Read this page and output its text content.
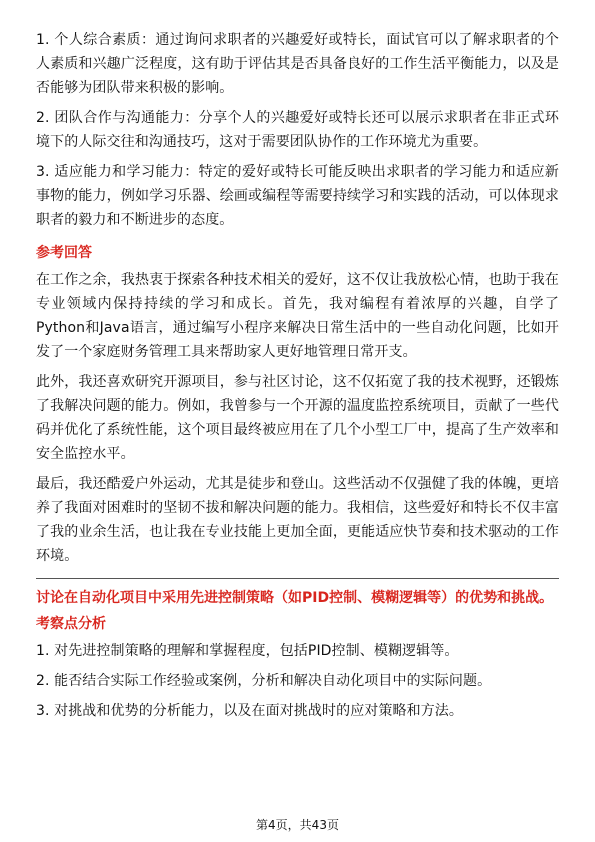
1. 个人综合素质：通过询问求职者的兴趣爱好或特长，面试官可以了解求职者的个人素质和兴趣广泛程度，这有助于评估其是否具备良好的工作生活平衡能力，以及是否能够为团队带来积极的影响。

2. 团队合作与沟通能力：分享个人的兴趣爱好或特长还可以展示求职者在非正式环境下的人际交往和沟通技巧，这对于需要团队协作的工作环境尤为重要。

3. 适应能力和学习能力：特定的爱好或特长可能反映出求职者的学习能力和适应新事物的能力，例如学习乐器、绘画或编程等需要持续学习和实践的活动，可以体现求职者的毅力和不断进步的态度。

参考回答

在工作之余，我热衷于探索各种技术相关的爱好，这不仅让我放松心情，也助于我在专业领域内保持持续的学习和成长。首先，我对编程有着浓厚的兴趣，自学了Python和Java语言，通过编写小程序来解决日常生活中的一些自动化问题，比如开发了一个家庭财务管理工具来帮助家人更好地管理日常开支。

此外，我还喜欢研究开源项目，参与社区讨论，这不仅拓宽了我的技术视野，还锻炼了我解决问题的能力。例如，我曾参与一个开源的温度监控系统项目，贡献了一些代码并优化了系统性能，这个项目最终被应用在了几个小型工厂中，提高了生产效率和安全监控水平。

最后，我还酷爱户外运动，尤其是徒步和登山。这些活动不仅强健了我的体魄，更培养了我面对困难时的坚韧不拔和解决问题的能力。我相信，这些爱好和特长不仅丰富了我的业余生活，也让我在专业技能上更加全面，更能适应快节奏和技术驱动的工作环境。

讨论在自动化项目中采用先进控制策略（如PID控制、模糊逻辑等）的优势和挑战。
考察点分析

1. 对先进控制策略的理解和掌握程度，包括PID控制、模糊逻辑等。

2. 能否结合实际工作经验或案例，分析和解决自动化项目中的实际问题。

3. 对挑战和优势的分析能力，以及在面对挑战时的应对策略和方法。

第4页，共43页
